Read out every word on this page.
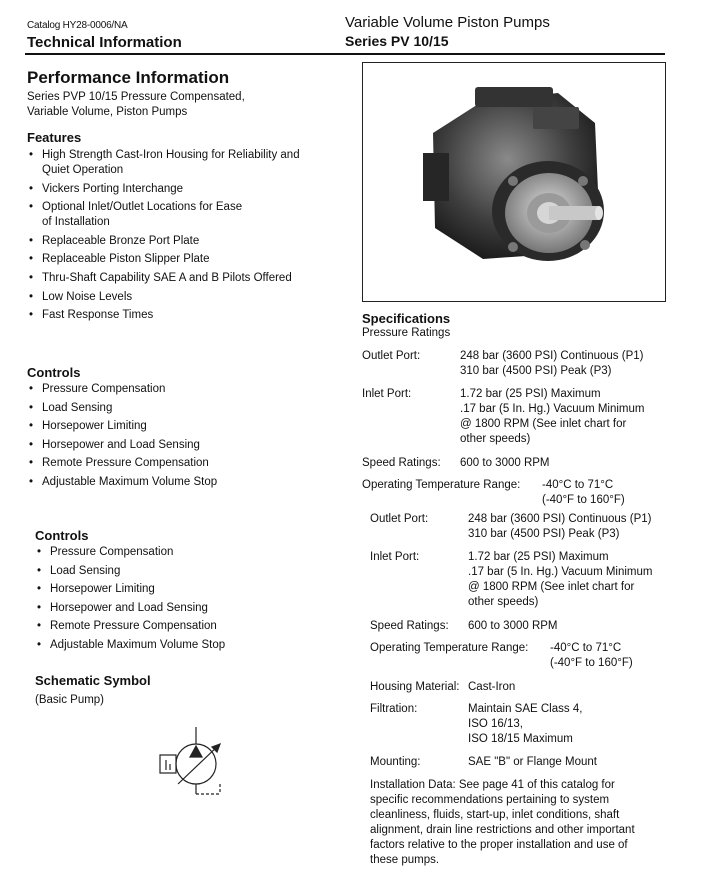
Catalog HY28-0006/NA
Technical Information
Variable Volume Piston Pumps
Series PV 10/15
Performance Information
Series PVP 10/15 Pressure Compensated,
Variable Volume, Piston Pumps
Features
• High Strength Cast-Iron Housing for Reliability and
Quiet Operation
• Vickers Porting Interchange
• Optional Inlet/Outlet Locations for Ease
of Installation
• Replaceable Bronze Port Plate
• Replaceable Piston Slipper Plate
• Thru-Shaft Capability SAE A and B Pilots Offered
• Low Noise Levels
• Fast Response Times
Controls
• Pressure Compensation
• Load Sensing
• Horsepower Limiting
• Horsepower and Load Sensing
• Remote Pressure Compensation
• Adjustable Maximum Volume Stop
Controls
• Pressure Compensation
• Load Sensing
• Horsepower Limiting
• Horsepower and Load Sensing
• Remote Pressure Compensation
• Adjustable Maximum Volume Stop
Schematic Symbol
(Basic Pump)
Specifications
Pressure Ratings
Outlet Port:	248 bar (3600 PSI) Continuous (P1)
310 bar (4500 PSI) Peak (P3)
Inlet Port:	1.72 bar (25 PSI) Maximum
.17 bar (5 In. Hg.) Vacuum Minimum
@ 1800 RPM (See inlet chart for
other speeds)
Speed Ratings: 600 to 3000 RPM
Operating Temperature Range: -40°C to 71°C
(-40°F to 160°F)
Outlet Port:	248 bar (3600 PSI) Continuous (P1)
310 bar (4500 PSI) Peak (P3)
Inlet Port:	1.72 bar (25 PSI) Maximum
.17 bar (5 In. Hg.) Vacuum Minimum
@ 1800 RPM (See inlet chart for
other speeds)
Speed Ratings: 600 to 3000 RPM
Operating Temperature Range: -40°C to 71°C
(-40°F to 160°F)
Housing Material: Cast-Iron
Filtration:	Maintain SAE Class 4,
ISO 16/13,
ISO 18/15 Maximum
Mounting:	SAE "B" or Flange Mount
Installation Data: See page 41 of this catalog for
specific recommendations pertaining to system
cleanliness, fluids, start-up, inlet conditions, shaft
alignment, drain line restrictions and other important
factors relative to the proper installation and use of
these pumps.
